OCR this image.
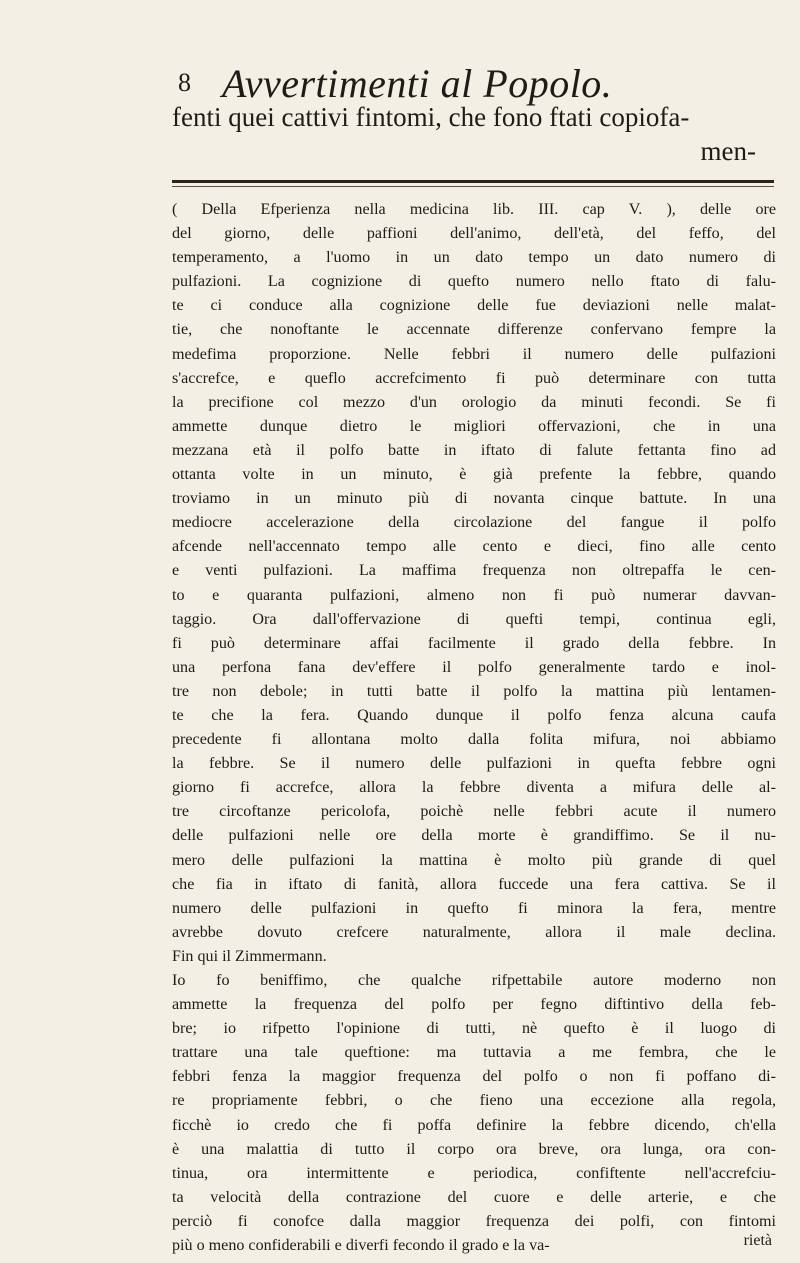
8 Avvertimenti al Popolo.
fenti quei cattivi fintomi, che fono ftati copiofa-
men-
( Della Efperienza nella medicina lib. III. cap V. ), delle ore
del giorno, delle paffioni dell'animo, dell'età, del feffo, del
temperamento, a l'uomo in un dato tempo un dato numero di
pulfazioni. La cognizione di quefto numero nello ftato di falu-
te ci conduce alla cognizione delle fue deviazioni nelle malat-
tie, che nonoftante le accennate differenze confervano fempre la
medefima proporzione. Nelle febbri il numero delle pulfazioni
s'accrefce, e queflo accrefcimento fi può determinare con tutta
la precifione col mezzo d'un orologio da minuti fecondi. Se fi
ammette dunque dietro le migliori offervazioni, che in una
mezzana età il polfo batte in iftato di falute fettanta fino ad
ottanta volte in un minuto, è già prefente la febbre, quando
troviamo in un minuto più di novanta cinque battute. In una
mediocre accelerazione della circolazione del fangue il polfo
afcende nell'accennato tempo alle cento e dieci, fino alle cento
e venti pulfazioni. La maffima frequenza non oltrepaffa le cen-
to e quaranta pulfazioni, almeno non fi può numerar davvan-
taggio. Ora dall'offervazione di quefti tempi, continua egli,
fi può determinare affai facilmente il grado della febbre. In
una perfona fana dev'effere il polfo generalmente tardo e inol-
tre non debole; in tutti batte il polfo la mattina più lentamen-
te che la fera. Quando dunque il polfo fenza alcuna caufa
precedente fi allontana molto dalla folita mifura, noi abbiamo
la febbre. Se il numero delle pulfazioni in quefta febbre ogni
giorno fi accrefce, allora la febbre diventa a mifura delle al-
tre circoftanze pericolofa, poichè nelle febbri acute il numero
delle pulfazioni nelle ore della morte è grandiffimo. Se il nu-
mero delle pulfazioni la mattina è molto più grande di quel
che fia in iftato di fanità, allora fuccede una fera cattiva. Se il
numero delle pulfazioni in quefto fi minora la fera, mentre
avrebbe dovuto crefcere naturalmente, allora il male declina.
Fin qui il Zimmermann.
Io fo beniffimo, che qualche rifpettabile autore moderno non
ammette la frequenza del polfo per fegno diftintivo della feb-
bre; io rifpetto l'opinione di tutti, nè quefto è il luogo di
trattare una tale queftione: ma tuttavia a me fembra, che le
febbri fenza la maggior frequenza del polfo o non fi poffano di-
re propriamente febbri, o che fieno una eccezione alla regola,
ficchè io credo che fi poffa definire la febbre dicendo, ch'ella
è una malattia di tutto il corpo ora breve, ora lunga, ora con-
tinua, ora intermittente e periodica, confiftente nell'accrefciu-
ta velocità della contrazione del cuore e delle arterie, e che
perciò fi conofce dalla maggior frequenza dei polfi, con fintomi
più o meno confiderabili e diverfi fecondo il grado e la va-	rietà
